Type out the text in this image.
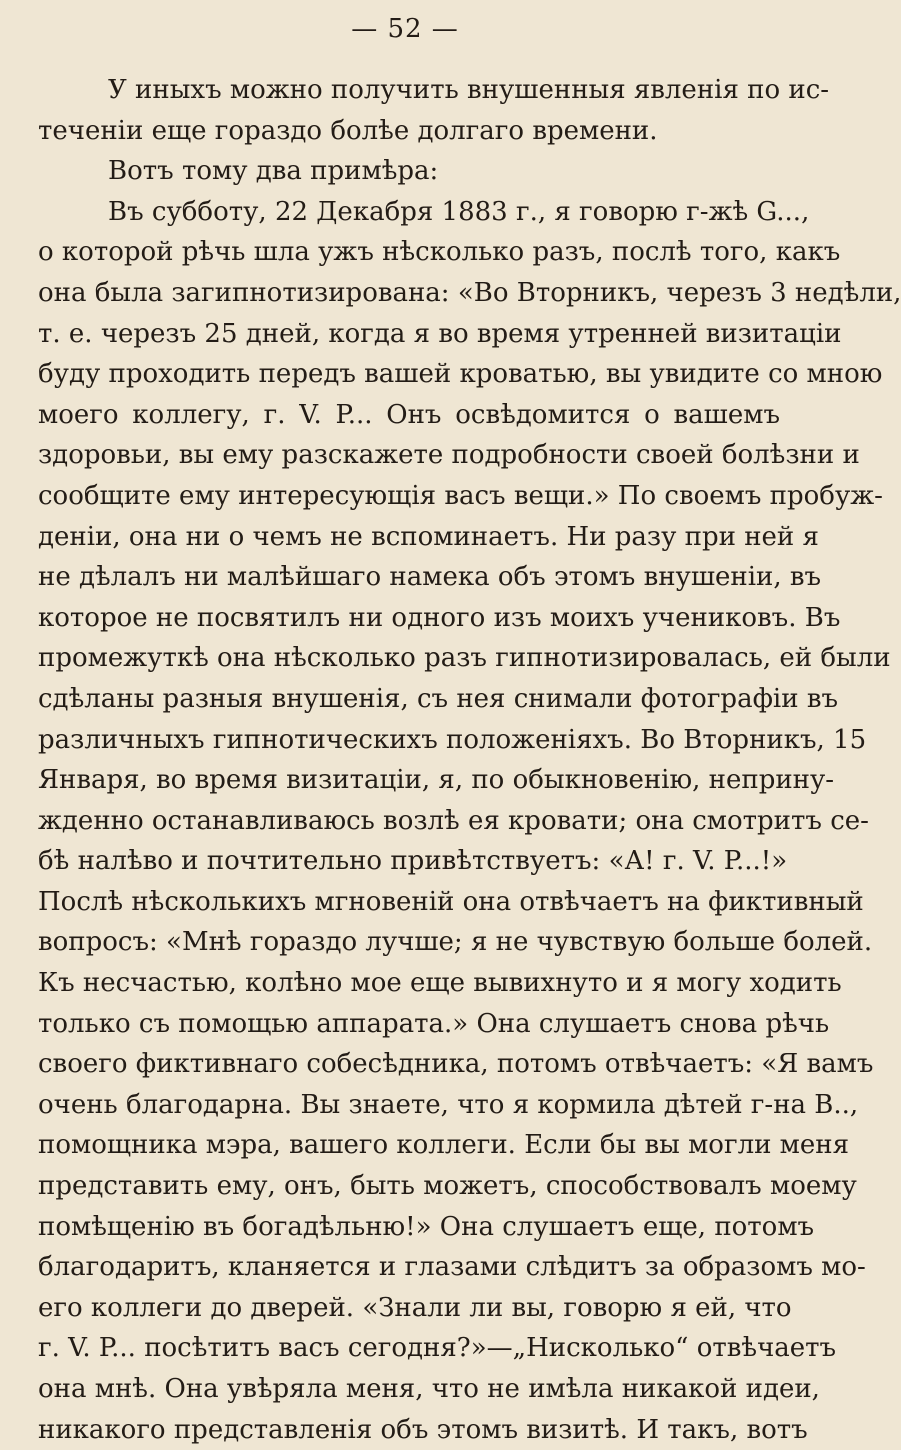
— 52 —
У иныхъ можно получить внушенныя явленія по ис-
теченіи еще гораздо болѣе долгаго времени.
Вотъ тому два примѣра:
Въ субботу, 22 Декабря 1883 г., я говорю г-жѣ G...,
о которой рѣчь шла ужъ нѣсколько разъ, послѣ того, какъ
она была загипнотизирована: «Во Вторникъ, черезъ 3 недѣли,
т. е. черезъ 25 дней, когда я во время утренней визитаціи
буду проходить передъ вашей кроватью, вы увидите со мною
моего коллегу, г. V. P... Онъ освѣдомится о вашемъ
здоровьи, вы ему разскажете подробности своей болѣзни и
сообщите ему интересующія васъ вещи.» По своемъ пробуж-
деніи, она ни о чемъ не вспоминаетъ. Ни разу при ней я
не дѣлалъ ни малѣйшаго намека объ этомъ внушеніи, въ
которое не посвятилъ ни одного изъ моихъ учениковъ. Въ
промежуткѣ она нѣсколько разъ гипнотизировалась, ей были
сдѣланы разныя внушенія, съ нея снимали фотографіи въ
различныхъ гипнотическихъ положеніяхъ. Во Вторникъ, 15
Января, во время визитаціи, я, по обыкновенію, неприну-
жденно останавливаюсь возлѣ ея кровати; она смотритъ се-
бѣ налѣво и почтительно привѣтствуетъ: «А! г. V. P...!»
Послѣ нѣсколькихъ мгновеній она отвѣчаетъ на фиктивный
вопросъ: «Мнѣ гораздо лучше; я не чувствую больше болей.
Къ несчастью, колѣно мое еще вывихнуто и я могу ходить
только съ помощью аппарата.» Она слушаетъ снова рѣчь
своего фиктивнаго собесѣдника, потомъ отвѣчаетъ: «Я вамъ
очень благодарна. Вы знаете, что я кормила дѣтей г-на В..,
помощника мэра, вашего коллеги. Если бы вы могли меня
представить ему, онъ, быть можетъ, способствовалъ моему
помѣщенію въ богадѣльню!» Она слушаетъ еще, потомъ
благодаритъ, кланяется и глазами слѣдитъ за образомъ мо-
его коллеги до дверей. «Знали ли вы, говорю я ей, что
г. V. P... посѣтитъ васъ сегодня?»—„Нисколько“ отвѣчаетъ
она мнѣ. Она увѣряла меня, что не имѣла никакой идеи,
никакого представленія объ этомъ визитѣ. И такъ, вотъ
